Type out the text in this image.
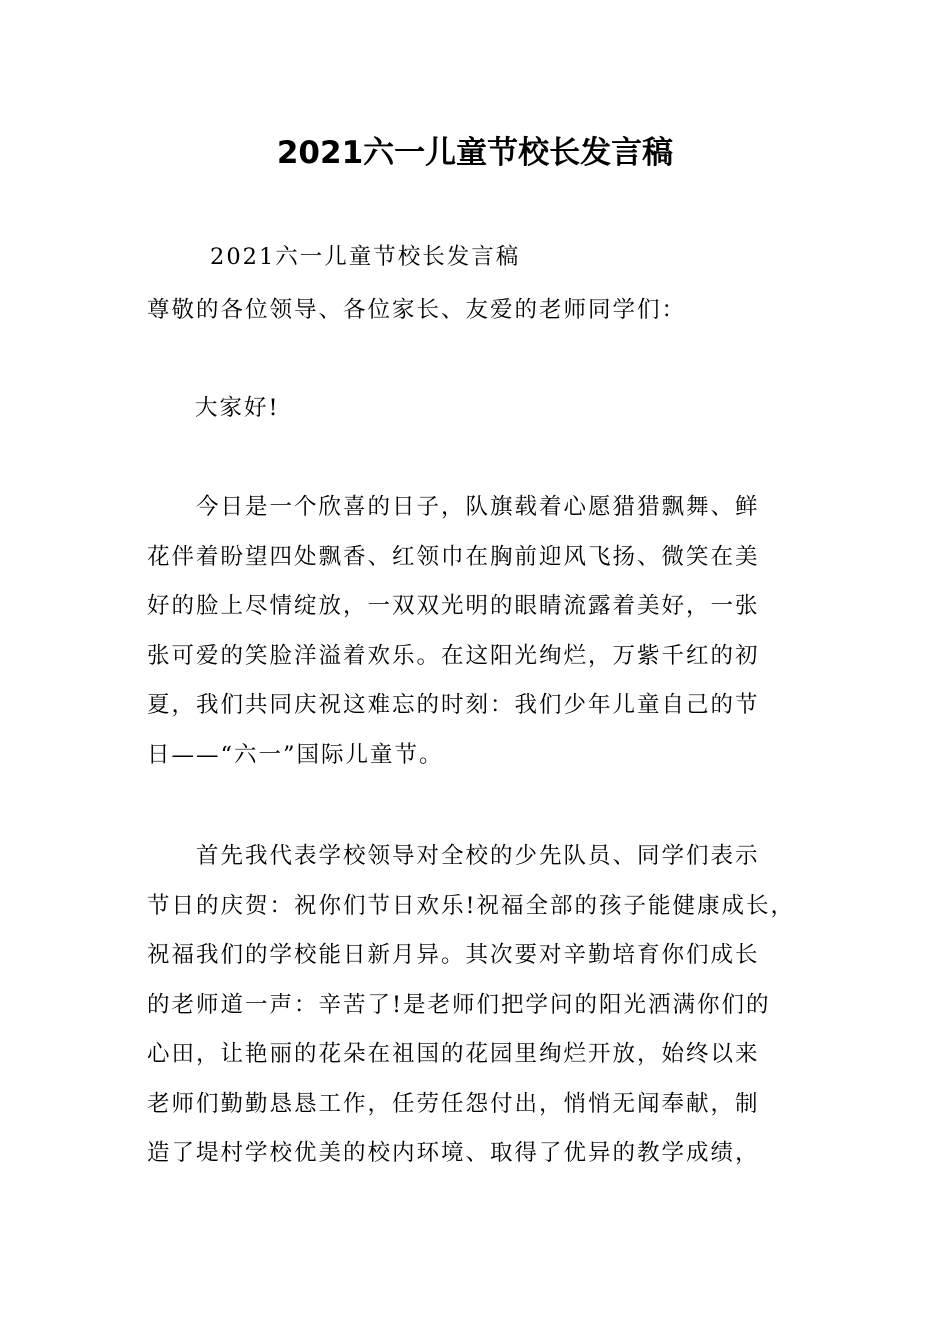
2021六一儿童节校长发言稿

2021六一儿童节校长发言稿

尊敬的各位领导、各位家长、友爱的老师同学们：

大家好!

　　今日是一个欣喜的日子，队旗载着心愿猎猎飘舞、鲜
花伴着盼望四处飘香、红领巾在胸前迎风飞扬、微笑在美
好的脸上尽情绽放，一双双光明的眼睛流露着美好，一张
张可爱的笑脸洋溢着欢乐。在这阳光绚烂，万紫千红的初
夏，我们共同庆祝这难忘的时刻：我们少年儿童自己的节
日——“六一”国际儿童节。
　　首先我代表学校领导对全校的少先队员、同学们表示
节日的庆贺：祝你们节日欢乐!祝福全部的孩子能健康成长，
祝福我们的学校能日新月异。其次要对辛勤培育你们成长
的老师道一声：辛苦了!是老师们把学问的阳光洒满你们的
心田，让艳丽的花朵在祖国的花园里绚烂开放，始终以来
老师们勤勤恳恳工作，任劳任怨付出，悄悄无闻奉献，制
造了堤村学校优美的校内环境、取得了优异的教学成绩，
